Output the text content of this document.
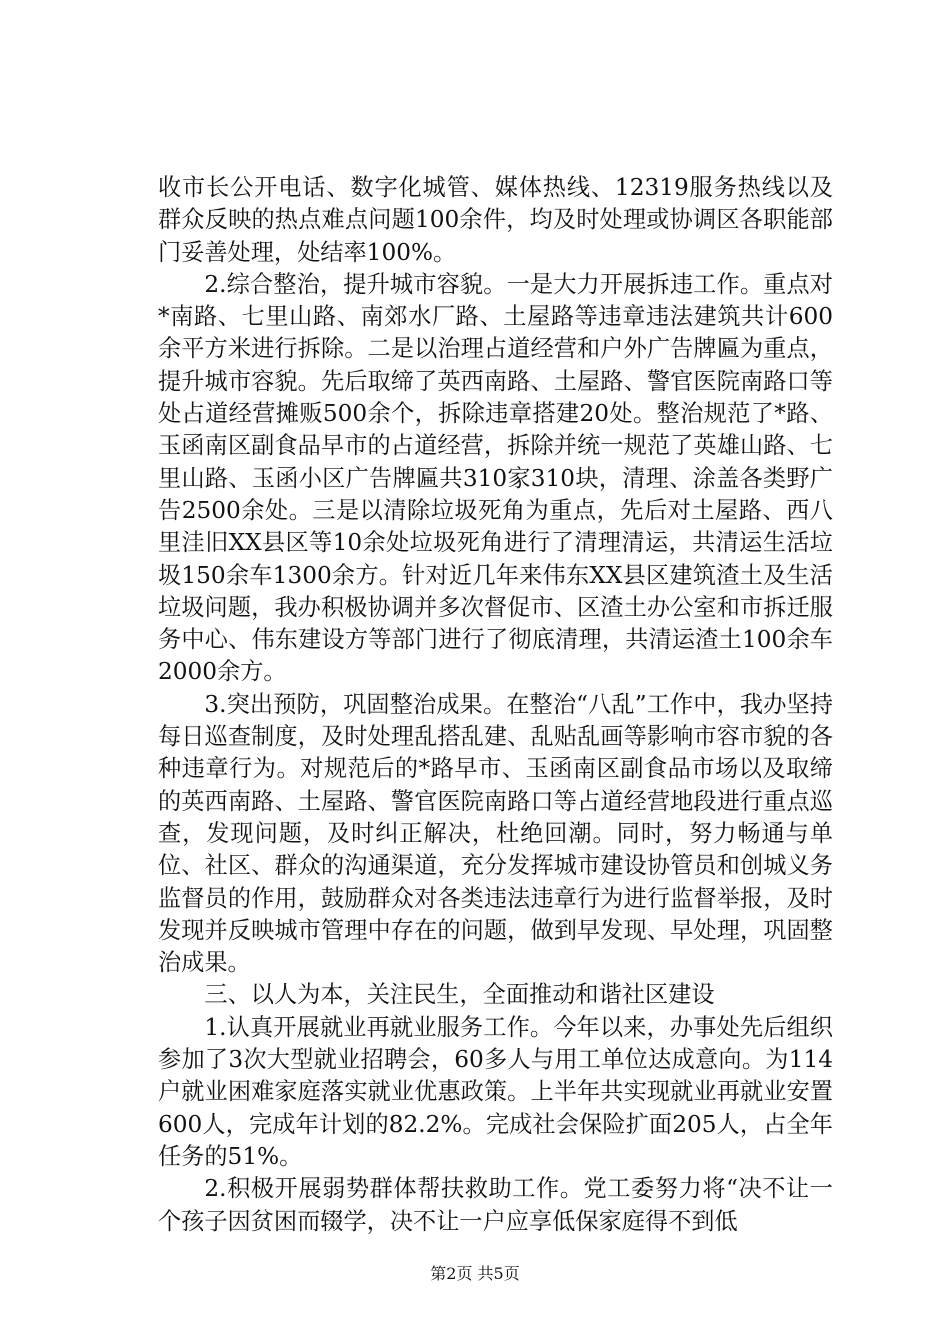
收市长公开电话、数字化城管、媒体热线、12319服务热线以及群众反映的热点难点问题100余件，均及时处理或协调区各职能部门妥善处理，处结率100%。

2.综合整治，提升城市容貌。一是大力开展拆违工作。重点对*南路、七里山路、南郊水厂路、土屋路等违章违法建筑共计600余平方米进行拆除。二是以治理占道经营和户外广告牌匾为重点，提升城市容貌。先后取缔了英西南路、土屋路、警官医院南路口等处占道经营摊贩500余个，拆除违章搭建20处。整治规范了*路、玉函南区副食品早市的占道经营，拆除并统一规范了英雄山路、七里山路、玉函小区广告牌匾共310家310块，清理、涂盖各类野广告2500余处。三是以清除垃圾死角为重点，先后对土屋路、西八里洼旧XX县区等10余处垃圾死角进行了清理清运，共清运生活垃圾150余车1300余方。针对近几年来伟东XX县区建筑渣土及生活垃圾问题，我办积极协调并多次督促市、区渣土办公室和市拆迁服务中心、伟东建设方等部门进行了彻底清理，共清运渣土100余车2000余方。

3.突出预防，巩固整治成果。在整治“八乱”工作中，我办坚持每日巡查制度，及时处理乱搭乱建、乱贴乱画等影响市容市貌的各种违章行为。对规范后的*路早市、玉函南区副食品市场以及取缔的英西南路、土屋路、警官医院南路口等占道经营地段进行重点巡查，发现问题，及时纠正解决，杜绝回潮。同时，努力畅通与单位、社区、群众的沟通渠道，充分发挥城市建设协管员和创城义务监督员的作用，鼓励群众对各类违法违章行为进行监督举报，及时发现并反映城市管理中存在的问题，做到早发现、早处理，巩固整治成果。

三、以人为本，关注民生，全面推动和谐社区建设

1.认真开展就业再就业服务工作。今年以来，办事处先后组织参加了3次大型就业招聘会，60多人与用工单位达成意向。为114户就业困难家庭落实就业优惠政策。上半年共实现就业再就业安置600人，完成年计划的82.2%。完成社会保险扩面205人，占全年任务的51%。

2.积极开展弱势群体帮扶救助工作。党工委努力将“决不让一个孩子因贫困而辍学，决不让一户应享低保家庭得不到低

第2页 共5页
